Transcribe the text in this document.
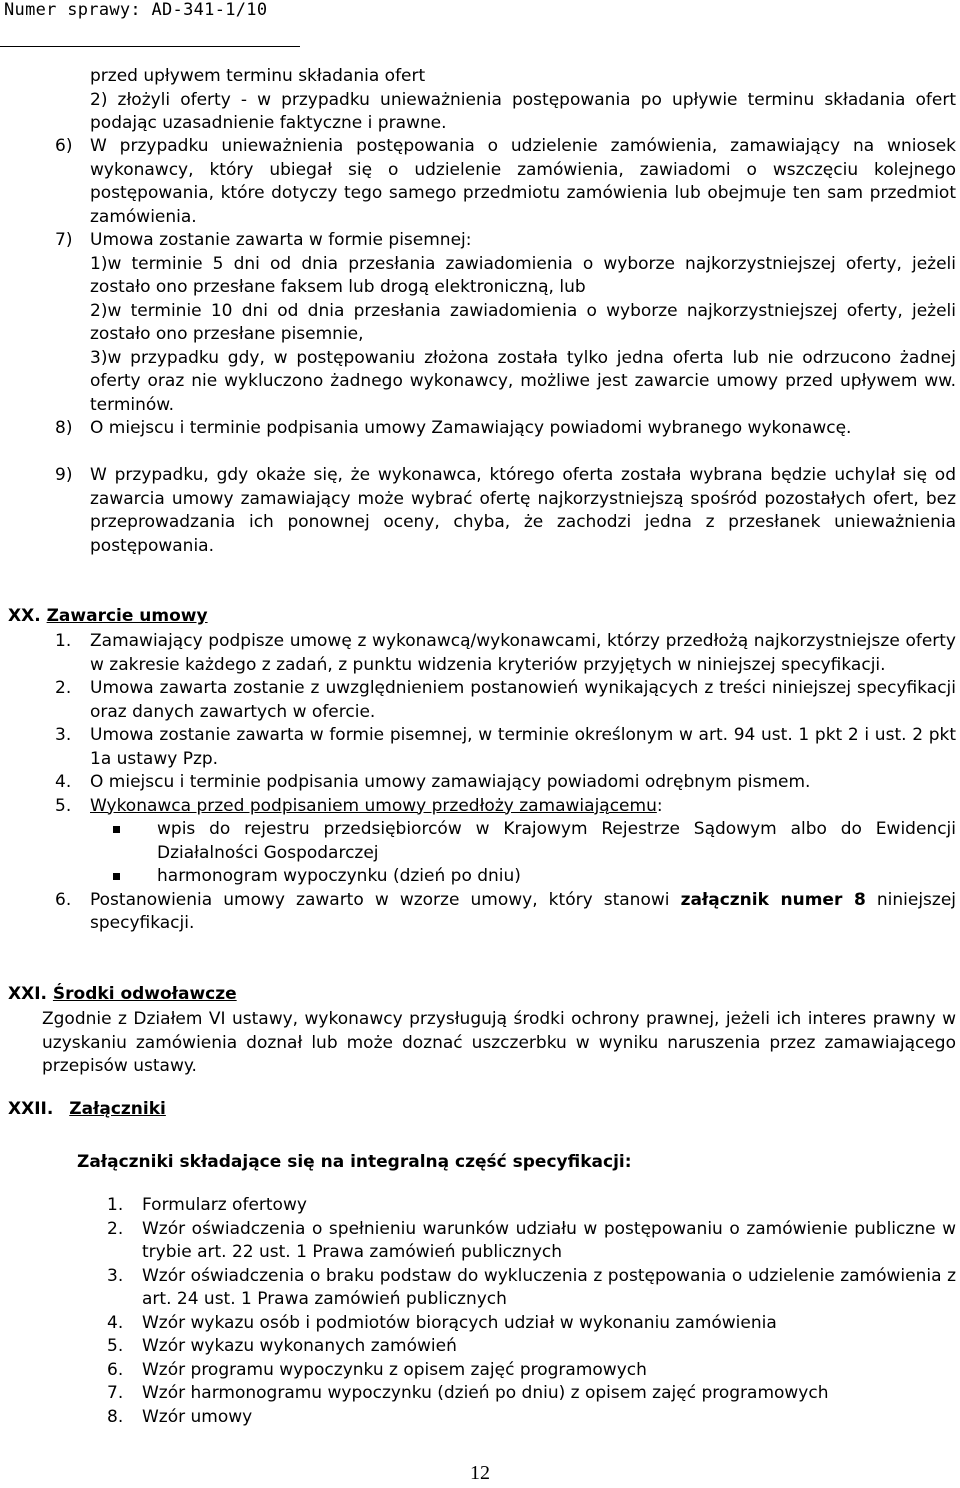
Numer sprawy: AD-341-1/10

przed upływem terminu składania ofert

2) złożyli oferty - w przypadku unieważnienia postępowania po upływie terminu składania ofert podając uzasadnienie faktyczne i prawne.

6)	W przypadku unieważnienia postępowania o udzielenie zamówienia, zamawiający na wniosek wykonawcy, który ubiegał się o udzielenie zamówienia, zawiadomi o wszczęciu kolejnego postępowania, które dotyczy tego samego przedmiotu zamówienia lub obejmuje ten sam przedmiot zamówienia.
7)	Umowa zostanie zawarta w formie pisemnej:

1)w terminie 5 dni od dnia przesłania zawiadomienia o wyborze najkorzystniejszej oferty, jeżeli zostało ono przesłane faksem lub drogą elektroniczną, lub

2)w terminie 10 dni od dnia przesłania zawiadomienia o wyborze najkorzystniejszej oferty, jeżeli zostało ono przesłane pisemnie,

3)w przypadku gdy, w postępowaniu złożona została tylko jedna oferta lub nie odrzucono żadnej oferty oraz nie wykluczono żadnego wykonawcy, możliwe jest zawarcie umowy przed upływem ww. terminów.

8)	O miejscu i terminie podpisania umowy Zamawiający powiadomi wybranego wykonawcę.
9)	W przypadku, gdy okaże się, że wykonawca, którego oferta została wybrana będzie uchylał się od zawarcia umowy zamawiający może wybrać ofertę najkorzystniejszą spośród pozostałych ofert, bez przeprowadzania ich ponownej oceny, chyba, że zachodzi jedna z przesłanek unieważnienia postępowania.
XX. Zawarcie umowy
1.	Zamawiający podpisze umowę z wykonawcą/wykonawcami, którzy przedłożą najkorzystniejsze oferty w zakresie każdego z zadań, z punktu widzenia kryteriów przyjętych w niniejszej specyfikacji.
2.	Umowa zawarta zostanie z uwzględnieniem postanowień wynikających z treści niniejszej specyfikacji oraz danych zawartych w ofercie.
3.	Umowa zostanie zawarta w formie pisemnej, w terminie określonym w art. 94 ust. 1 pkt 2 i ust. 2 pkt 1a ustawy Pzp.
4.	O miejscu i terminie podpisania umowy zamawiający powiadomi odrębnym pismem.
5.	Wykonawca przed podpisaniem umowy przedłoży zamawiającemu:
wpis do rejestru przedsiębiorców w Krajowym Rejestrze Sądowym albo do Ewidencji Działalności Gospodarczej
harmonogram wypoczynku (dzień po dniu)
6.	Postanowienia umowy zawarto w wzorze umowy, który stanowi załącznik numer 8 niniejszej specyfikacji.
XXI. Środki odwoławcze
Zgodnie z Działem VI ustawy, wykonawcy przysługują środki ochrony prawnej, jeżeli ich interes prawny w uzyskaniu zamówienia doznał lub może doznać uszczerbku w wyniku naruszenia przez zamawiającego przepisów ustawy.
XXII. Załączniki
Załączniki składające się na integralną część specyfikacji:
1.	Formularz ofertowy
2.	Wzór oświadczenia o spełnieniu warunków udziału w postępowaniu o zamówienie publiczne w trybie art. 22 ust. 1 Prawa zamówień publicznych
3.	Wzór oświadczenia o braku podstaw do wykluczenia z postępowania o udzielenie zamówienia z art. 24 ust. 1 Prawa zamówień publicznych
4.	Wzór wykazu osób i podmiotów biorących udział w wykonaniu zamówienia
5.	Wzór wykazu wykonanych zamówień
6.	Wzór programu wypoczynku z opisem zajęć programowych
7.	Wzór harmonogramu wypoczynku (dzień po dniu) z opisem zajęć programowych
8.	Wzór umowy
12
